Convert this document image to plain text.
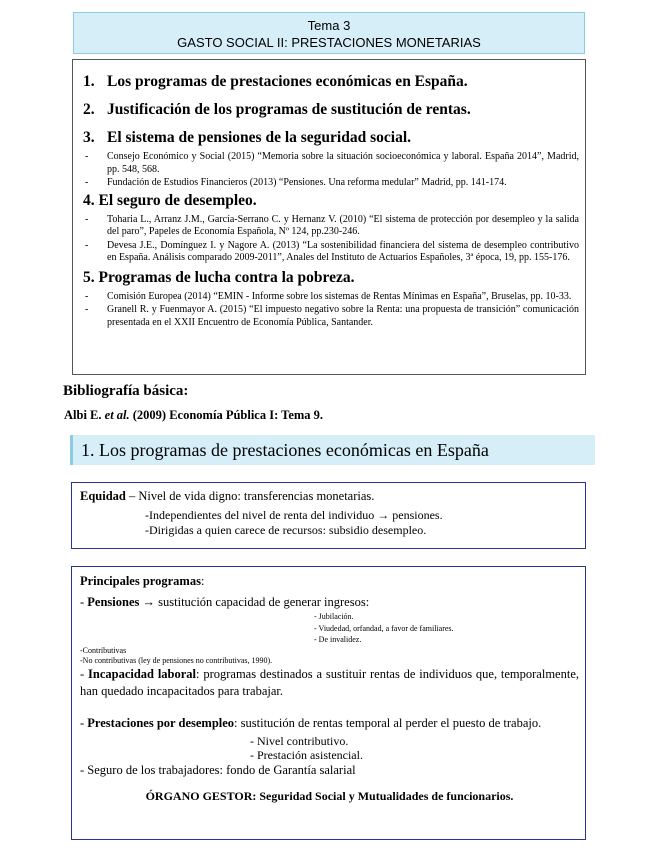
Tema 3
GASTO SOCIAL II: PRESTACIONES MONETARIAS
1. Los programas de prestaciones económicas en España.
2. Justificación de los programas de sustitución de rentas.
3. El sistema de pensiones de la seguridad social.
-	Consejo Económico y Social (2015) “Memoria sobre la situación socioeconómica y laboral. España 2014”, Madrid, pp. 548, 568.
-	Fundación de Estudios Financieros (2013) “Pensiones. Una reforma medular” Madrid, pp. 141-174.
4. El seguro de desempleo.
-	Toharia L., Arranz J.M., García-Serrano C. y Hernanz V. (2010) “El sistema de protección por desempleo y la salida del paro”, Papeles de Economía Española, Nº 124, pp.230-246.
-	Devesa J.E., Domínguez I. y Nagore A. (2013) “La sostenibilidad financiera del sistema de desempleo contributivo en España. Análisis comparado 2009-2011”, Anales del Instituto de Actuarios Españoles, 3ª época, 19, pp. 155-176.
5. Programas de lucha contra la pobreza.
-	Comisión Europea (2014) “EMIN - Informe sobre los sistemas de Rentas Mínimas en España”, Bruselas, pp. 10-33.
-	Granell R. y Fuenmayor A. (2015) “El impuesto negativo sobre la Renta: una propuesta de transición” comunicación presentada en el XXII Encuentro de Economía Pública, Santander.
Bibliografía básica:
Albi E. et al. (2009) Economía Pública I: Tema 9.
1. Los programas de prestaciones económicas en España
Equidad – Nivel de vida digno: transferencias monetarias.
-Independientes del nivel de renta del individuo → pensiones.
-Dirigidas a quien carece de recursos: subsidio desempleo.
Principales programas:
- Pensiones → sustitución capacidad de generar ingresos:
- Jubilación.
- Viudedad, orfandad, a favor de familiares.
- De invalidez.
-Contributivas
-No contributivas (ley de pensiones no contributivas, 1990).
- Incapacidad laboral: programas destinados a sustituir rentas de individuos que, temporalmente, han quedado incapacitados para trabajar.
- Prestaciones por desempleo: sustitución de rentas temporal al perder el puesto de trabajo.
- Nivel contributivo.
- Prestación asistencial.
- Seguro de los trabajadores: fondo de Garantía salarial
ÓRGANO GESTOR: Seguridad Social y Mutualidades de funcionarios.
